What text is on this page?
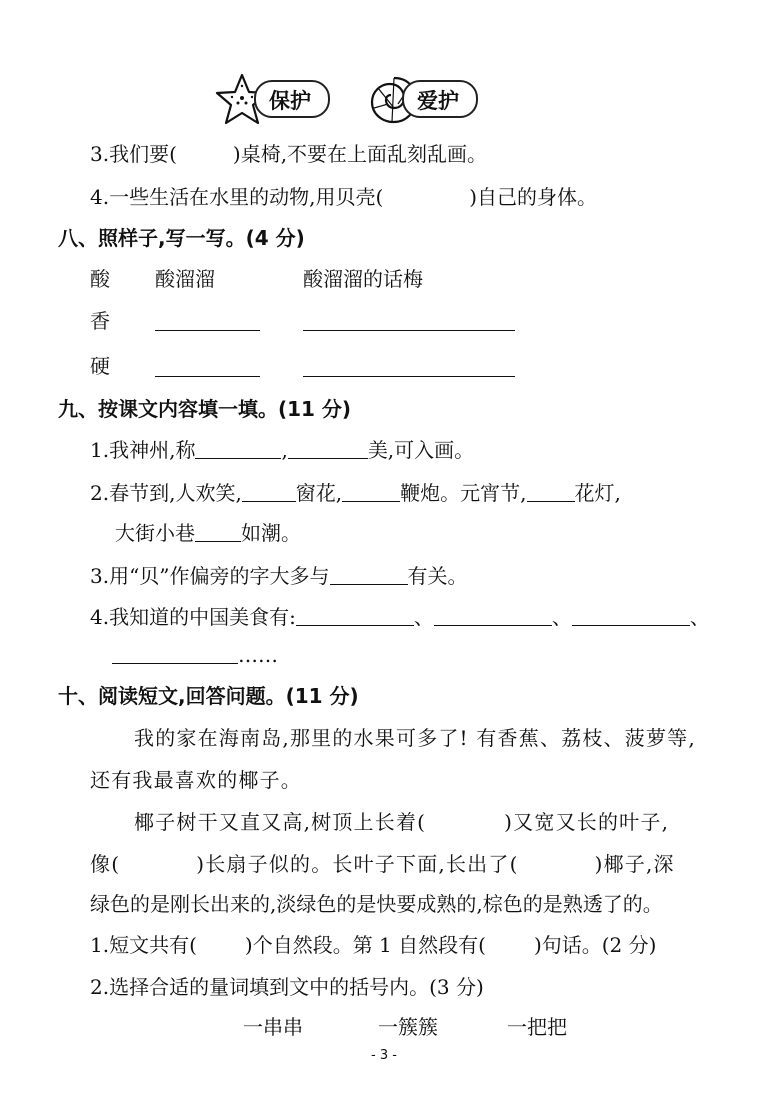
保护	爱护
3.我们要(	)桌椅,不要在上面乱刻乱画。
4.一些生活在水里的动物,用贝壳(	)自己的身体。
八、照样子,写一写。(4 分)
酸 酸溜溜	酸溜溜的话梅
香
硬
九、按课文内容填一填。(11 分)
1.我神州,称	,	美,可入画。
2.春节到,人欢笑,	窗花,	鞭炮。元宵节, 花灯,
大街小巷 如潮。
3.用“贝”作偏旁的字大多与	有关。
4.我知道的中国美食有:	、	、	、
……
十、阅读短文,回答问题。(11 分)
我的家在海南岛,那里的水果可多了! 有香蕉、荔枝、菠萝等,
还有我最喜欢的椰子。
椰子树干又直又高,树顶上长着(	)又宽又长的叶子,
像(	)长扇子似的。长叶子下面,长出了(	)椰子,深
绿色的是刚长出来的,淡绿色的是快要成熟的,棕色的是熟透了的。
1.短文共有( )个自然段。第 1 自然段有( )句话。(2 分)
2.选择合适的量词填到文中的括号内。(3 分)
一串串	一簇簇	一把把
- 3 -
